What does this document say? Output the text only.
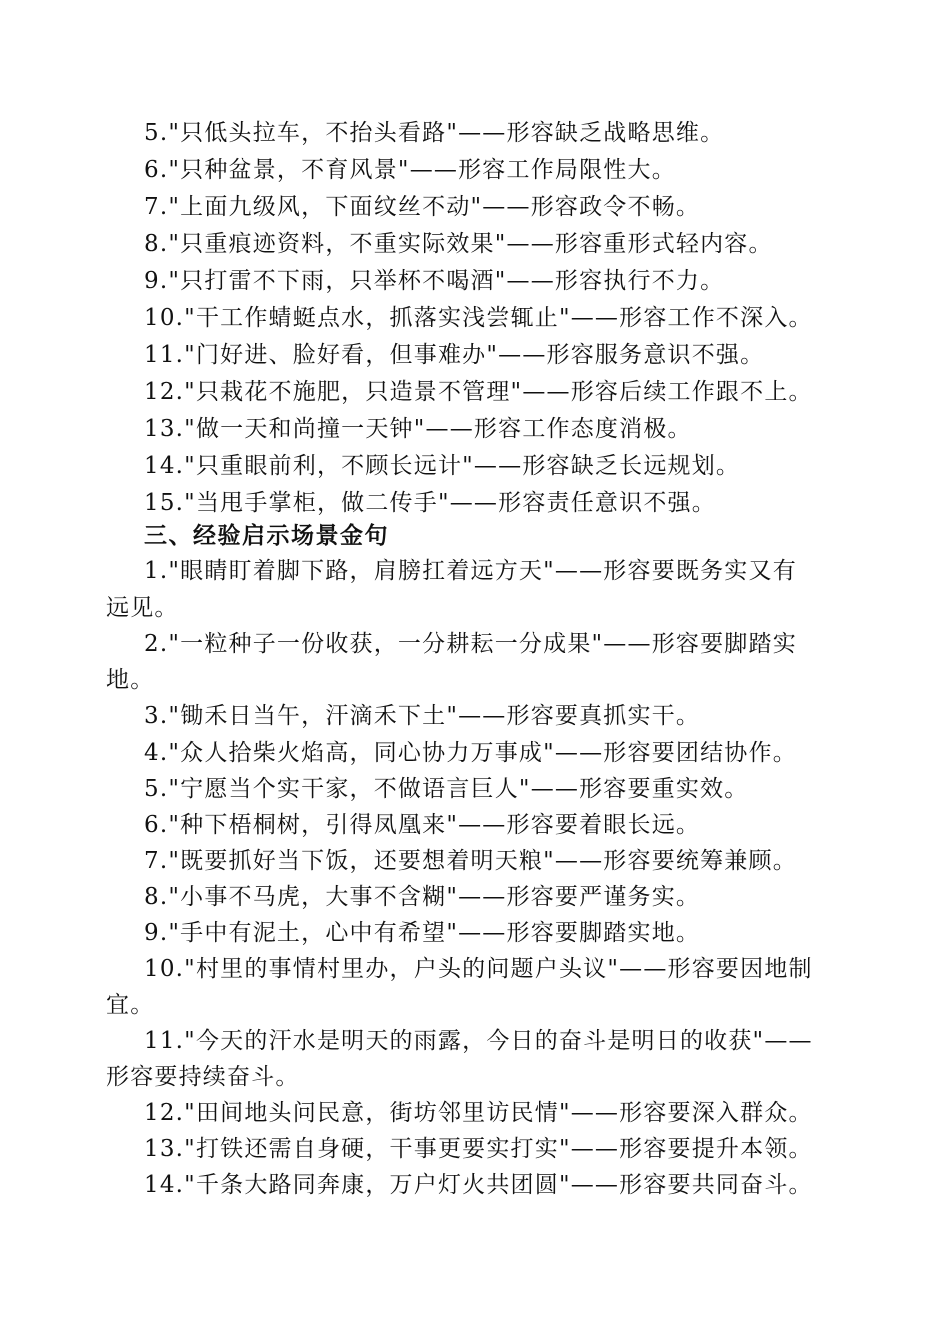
5."只低头拉车，不抬头看路"——形容缺乏战略思维。
6."只种盆景，不育风景"——形容工作局限性大。
7."上面九级风，下面纹丝不动"——形容政令不畅。
8."只重痕迹资料，不重实际效果"——形容重形式轻内容。
9."只打雷不下雨，只举杯不喝酒"——形容执行不力。
10."干工作蜻蜓点水，抓落实浅尝辄止"——形容工作不深入。
11."门好进、脸好看，但事难办"——形容服务意识不强。
12."只栽花不施肥，只造景不管理"——形容后续工作跟不上。
13."做一天和尚撞一天钟"——形容工作态度消极。
14."只重眼前利，不顾长远计"——形容缺乏长远规划。
15."当甩手掌柜，做二传手"——形容责任意识不强。
三、经验启示场景金句
1."眼睛盯着脚下路，肩膀扛着远方天"——形容要既务实又有
远见。
2."一粒种子一份收获，一分耕耘一分成果"——形容要脚踏实
地。
3."锄禾日当午，汗滴禾下土"——形容要真抓实干。
4."众人拾柴火焰高，同心协力万事成"——形容要团结协作。
5."宁愿当个实干家，不做语言巨人"——形容要重实效。
6."种下梧桐树，引得凤凰来"——形容要着眼长远。
7."既要抓好当下饭，还要想着明天粮"——形容要统筹兼顾。
8."小事不马虎，大事不含糊"——形容要严谨务实。
9."手中有泥土，心中有希望"——形容要脚踏实地。
10."村里的事情村里办，户头的问题户头议"——形容要因地制
宜。
11."今天的汗水是明天的雨露，今日的奋斗是明日的收获"——
形容要持续奋斗。
12."田间地头问民意，街坊邻里访民情"——形容要深入群众。
13."打铁还需自身硬，干事更要实打实"——形容要提升本领。
14."千条大路同奔康，万户灯火共团圆"——形容要共同奋斗。
